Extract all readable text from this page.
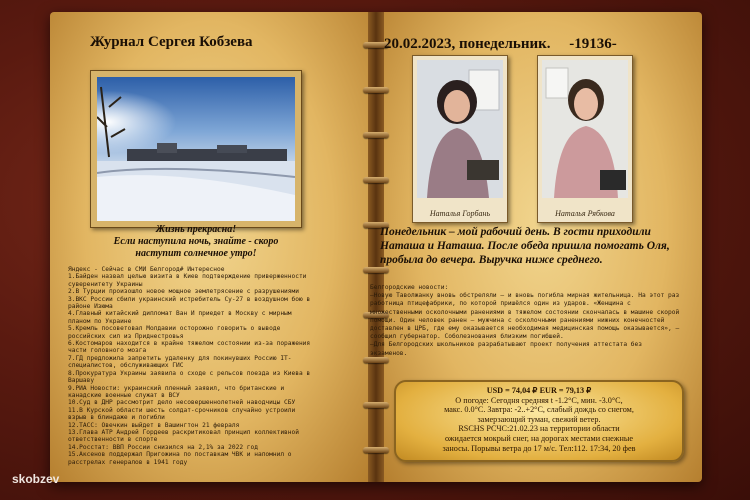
Журнал Сергея Кобзева
Жизнь прекрасна!
Если наступила ночь, знайте - скоро наступит солнечное утро!
Яндекс - Сейчас в СМИ Белгород# Интересное
1.Байден назвал целью визита в Киев подтверждение приверженности суверенитету Украины
2.В Турции произошло новое мощное землетрясение с разрушениями
3.ВКС России сбили украинский истребитель Су-27 в воздушном бою в районе Изюма
4.Главный китайский дипломат Ван И приедет в Москву с мирным планом по Украине
5.Кремль посоветовал Молдавии осторожно говорить о выводе российских сил из Приднестровья
6.Костомаров находится в крайне тяжелом состоянии из-за поражения части головного мозга
7.ГД предложила запретить удаленку для покинувших Россию IT-специалистов, обслуживающих ГИС
8.Прокуратура Украины заявила о сходе с рельсов поезда из Киева в Варшаву
9.РИА Новости: украинский пленный заявил, что британские и канадские военные служат в ВСУ
10.Суд в ДНР рассмотрит дело несовершеннолетней наводчицы СБУ
11.В Курской области шесть солдат-срочников случайно устроили взрыв в блиндаже и погибли
12.ТАСС: Овечкин выйдет в Вашингтон 21 февраля
13.Глава АТР Андрей Гордеев раскритиковал принцип коллективной ответственности в спорте
14.Росстат: ВВП России снизился на 2,1% за 2022 год
15.Аксенов поддержал Пригожина по поставкам ЧВК и напомнил о расстрелах генералов в 1941 году
20.02.2023, понедельник.     -19136-
Наталья Горбань	Наталья Рябкова
Понедельник – мой рабочий день. В гости приходили Наташа и Наташа. После обеда пришла помогать Оля, пробыла до вечера. Выручка ниже среднего.
Белгородские новости:
–Новую Таволжанку вновь обстреляли – и вновь погибла мирная жительница. На этот раз работница птицефабрики, по которой пришёлся один из ударов. «Женщина с множественными осколочными ранениями в тяжелом состоянии скончалась в машине скорой помощи. Один человек ранен – мужчина с осколочными ранениями нижних конечностей доставлен в ЦРБ, где ему оказывается необходимая медицинская помощь оказывается», – сообщил губернатор. Соболезнования близким погибшей.
–Для Белгородских школьников разрабатывают проект получения аттестата без экзаменов.
USD = 74,04 ₽ EUR = 79,13 ₽
О погоде: Сегодня средняя t -1.2°C, мин. -3.0°C,
макс. 0.0°C. Завтра: -2..+2°C, слабый дождь со снегом,
замерзающий туман, свежий ветер.
RSCHS РСЧС:21.02.23 на территории области
ожидается мокрый снег, на дорогах местами снежные
заносы. Порывы ветра до 17 м/с. Тел:112. 17:34, 20 фев
skobzev
